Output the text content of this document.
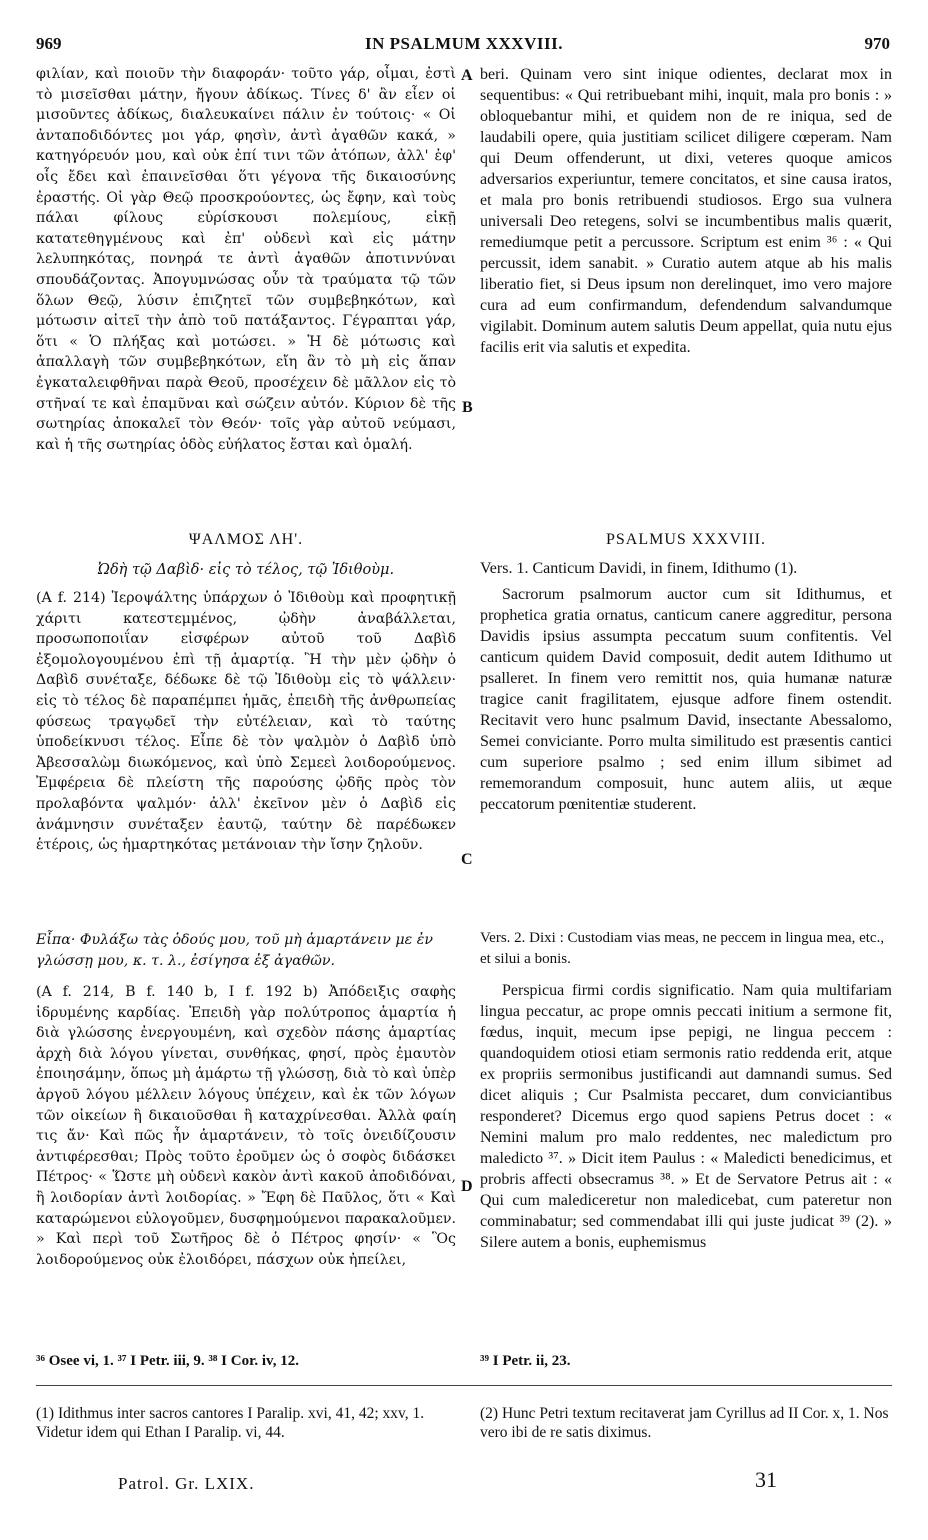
969	IN PSALMUM XXXVIII.	970

φιλίαν, καὶ ποιοῦν τὴν διαφοράν· τοῦτο γάρ, οἶμαι, ἐστὶ τὸ μισεῖσθαι μάτην, ἤγουν ἀδίκως. Τίνες δ' ἂν εἶεν οἱ μισοῦντες ἀδίκως, διαλευκαίνει πάλιν ἐν τούτοις· « Οἱ ἀνταποδιδόντες μοι γάρ, φησὶν, ἀντὶ ἀγαθῶν κακά, » κατηγόρευόν μου, καὶ οὐκ ἐπί τινι τῶν ἀτόπων, ἀλλ' ἐφ' οἷς ἔδει καὶ ἐπαινεῖσθαι ὅτι γέγονα τῆς δικαιοσύνης ἐραστής. Οἱ γὰρ Θεῷ προσκρούοντες, ὡς ἔφην, καὶ τοὺς πάλαι φίλους εὑρίσκουσι πολεμίους, εἰκῇ κατατεθηγμένους καὶ ἐπ' οὐδενὶ καὶ εἰς μάτην λελυπηκότας, πονηρά τε ἀντὶ ἀγαθῶν ἀποτιννύναι σπουδάζοντας. Ἀπογυμνώσας οὖν τὰ τραύματα τῷ τῶν ὅλων Θεῷ, λύσιν ἐπιζητεῖ τῶν συμβεβηκότων, καὶ μότωσιν αἰτεῖ τὴν ἀπὸ τοῦ πατάξαντος. Γέγραπται γάρ, ὅτι « Ὁ πλήξας καὶ μοτώσει. » Ἡ δὲ μότωσις καὶ ἀπαλλαγὴ τῶν συμβεβηκότων, εἴη ἂν τὸ μὴ εἰς ἅπαν ἐγκαταλειφθῆναι παρὰ Θεοῦ, προσέχειν δὲ μᾶλλον εἰς τὸ στῆναί τε καὶ ἐπαμῦναι καὶ σώζειν αὐτόν. Κύριον δὲ τῆς σωτηρίας ἀποκαλεῖ τὸν Θεόν· τοῖς γὰρ αὐτοῦ νεύμασι, καὶ ἡ τῆς σωτηρίας ὁδὸς εὐήλατος ἔσται καὶ ὁμαλή.

beri. Quinam vero sint inique odientes, declarat mox in sequentibus: « Qui retribuebant mihi, inquit, mala pro bonis : » obloquebantur mihi, et quidem non de re iniqua, sed de laudabili opere, quia justitiam scilicet diligere cœperam. Nam qui Deum offenderunt, ut dixi, veteres quoque amicos adversarios experiuntur, temere concitatos, et sine causa iratos, et mala pro bonis retribuendi studiosos. Ergo sua vulnera universali Deo retegens, solvi se incumbentibus malis quærit, remediumque petit a percussore. Scriptum est enim ³⁶ : « Qui percussit, idem sanabit. » Curatio autem atque ab his malis liberatio fiet, si Deus ipsum non derelinquet, imo vero majore cura ad eum confirmandum, defendendum salvandumque vigilabit. Dominum autem salutis Deum appellat, quia nutu ejus facilis erit via salutis et expedita.

A
B
C
D
ΨΑΛΜΟΣ ΛΗ'.	PSALMUS XXXVIII.
Ὠδὴ τῷ Δαβὶδ· εἰς τὸ τέλος, τῷ Ἰδιθοὺμ.	Vers. 1. Canticum Davidi, in finem, Idithumo (1).

(A f. 214) Ἱεροψάλτης ὑπάρχων ὁ Ἰδιθοὺμ καὶ προφητικῇ χάριτι κατεστεμμένος, ᾠδὴν ἀναβάλλεται, προσωποποιΐαν εἰσφέρων αὐτοῦ τοῦ Δαβὶδ ἐξομολογουμένου ἐπὶ τῇ ἁμαρτίᾳ. Ἢ τὴν μὲν ᾠδὴν ὁ Δαβὶδ συνέταξε, δέδωκε δὲ τῷ Ἰδιθοὺμ εἰς τὸ ψάλλειν· εἰς τὸ τέλος δὲ παραπέμπει ἡμᾶς, ἐπειδὴ τῆς ἀνθρωπείας φύσεως τραγῳδεῖ τὴν εὐτέλειαν, καὶ τὸ ταύτης ὑποδείκνυσι τέλος. Εἶπε δὲ τὸν ψαλμὸν ὁ Δαβὶδ ὑπὸ Ἀβεσσαλὼμ διωκόμενος, καὶ ὑπὸ Σεμεεὶ λοιδορούμενος. Ἐμφέρεια δὲ πλείστη τῆς παρούσης ᾠδῆς πρὸς τὸν προλαβόντα ψαλμόν· ἀλλ' ἐκεῖνον μὲν ὁ Δαβὶδ εἰς ἀνάμνησιν συνέταξεν ἑαυτῷ, ταύτην δὲ παρέδωκεν ἑτέροις, ὡς ἡμαρτηκότας μετάνοιαν τὴν ἴσην ζηλοῦν.

Sacrorum psalmorum auctor cum sit Idithumus, et prophetica gratia ornatus, canticum canere aggreditur, persona Davidis ipsius assumpta peccatum suum confitentis. Vel canticum quidem David composuit, dedit autem Idithumo ut psalleret. In finem vero remittit nos, quia humanæ naturæ tragice canit fragilitatem, ejusque adfore finem ostendit. Recitavit vero hunc psalmum David, insectante Abessalomo, Semei conviciante. Porro multa similitudo est præsentis cantici cum superiore psalmo ; sed enim illum sibimet ad rememorandum composuit, hunc autem aliis, ut æque peccatorum pœnitentiæ studerent.

Εἶπα· Φυλάξω τὰς ὁδούς μου, τοῦ μὴ ἁμαρτάνειν με ἐν γλώσσῃ μου, κ. τ. λ., ἐσίγησα ἐξ ἀγαθῶν.
Vers. 2. Dixi : Custodiam vias meas, ne peccem in lingua mea, etc., et silui a bonis.

(A f. 214, B f. 140 b, I f. 192 b) Ἀπόδειξις σαφὴς ἱδρυμένης καρδίας. Ἐπειδὴ γὰρ πολύτροπος ἁμαρτία ἡ διὰ γλώσσης ἐνεργουμένη, καὶ σχεδὸν πάσης ἁμαρτίας ἀρχὴ διὰ λόγου γίνεται, συνθήκας, φησί, πρὸς ἐμαυτὸν ἐποιησάμην, ὅπως μὴ ἁμάρτω τῇ γλώσσῃ, διὰ τὸ καὶ ὑπὲρ ἀργοῦ λόγου μέλλειν λόγους ὑπέχειν, καὶ ἐκ τῶν λόγων τῶν οἰκείων ἢ δικαιοῦσθαι ἢ καταχρίνεσθαι. Ἀλλὰ φαίη τις ἄν· Καὶ πῶς ἦν ἁμαρτάνειν, τὸ τοῖς ὀνειδίζουσιν ἀντιφέρεσθαι; Πρὸς τοῦτο ἐροῦμεν ὡς ὁ σοφὸς διδάσκει Πέτρος· « Ὥστε μὴ οὐδενὶ κακὸν ἀντὶ κακοῦ ἀποδιδόναι, ἢ λοιδορίαν ἀντὶ λοιδορίας. » Ἔφη δὲ Παῦλος, ὅτι « Καὶ καταρώμενοι εὐλογοῦμεν, δυσφημούμενοι παρακαλοῦμεν. » Καὶ περὶ τοῦ Σωτῆρος δὲ ὁ Πέτρος φησίν· « Ὃς λοιδορούμενος οὐκ ἐλοιδόρει, πάσχων οὐκ ἠπείλει,

Perspicua firmi cordis significatio. Nam quia multifariam lingua peccatur, ac prope omnis peccati initium a sermone fit, fœdus, inquit, mecum ipse pepigi, ne lingua peccem : quandoquidem otiosi etiam sermonis ratio reddenda erit, atque ex propriis sermonibus justificandi aut damnandi sumus. Sed dicet aliquis ; Cur Psalmista peccaret, dum conviciantibus responderet? Dicemus ergo quod sapiens Petrus docet : « Nemini malum pro malo reddentes, nec maledictum pro maledicto ³⁷. » Dicit item Paulus : « Maledicti benedicimus, et probris affecti obsecramus ³⁸. » Et de Servatore Petrus ait : « Qui cum malediceretur non maledicebat, cum pateretur non comminabatur; sed commendabat illi qui juste judicat ³⁹ (2). » Silere autem a bonis, euphemismus

³⁶ Osee vi, 1. ³⁷ I Petr. iii, 9. ³⁸ I Cor. iv, 12.	³⁹ I Petr. ii, 23.
(1) Idithmus inter sacros cantores I Paralip. xvi, 41, 42; xxv, 1. Videtur idem qui Ethan I Paralip. vi, 44.
(2) Hunc Petri textum recitaverat jam Cyrillus ad II Cor. x, 1. Nos vero ibi de re satis diximus.
Patrol. Gr. LXIX.	31
